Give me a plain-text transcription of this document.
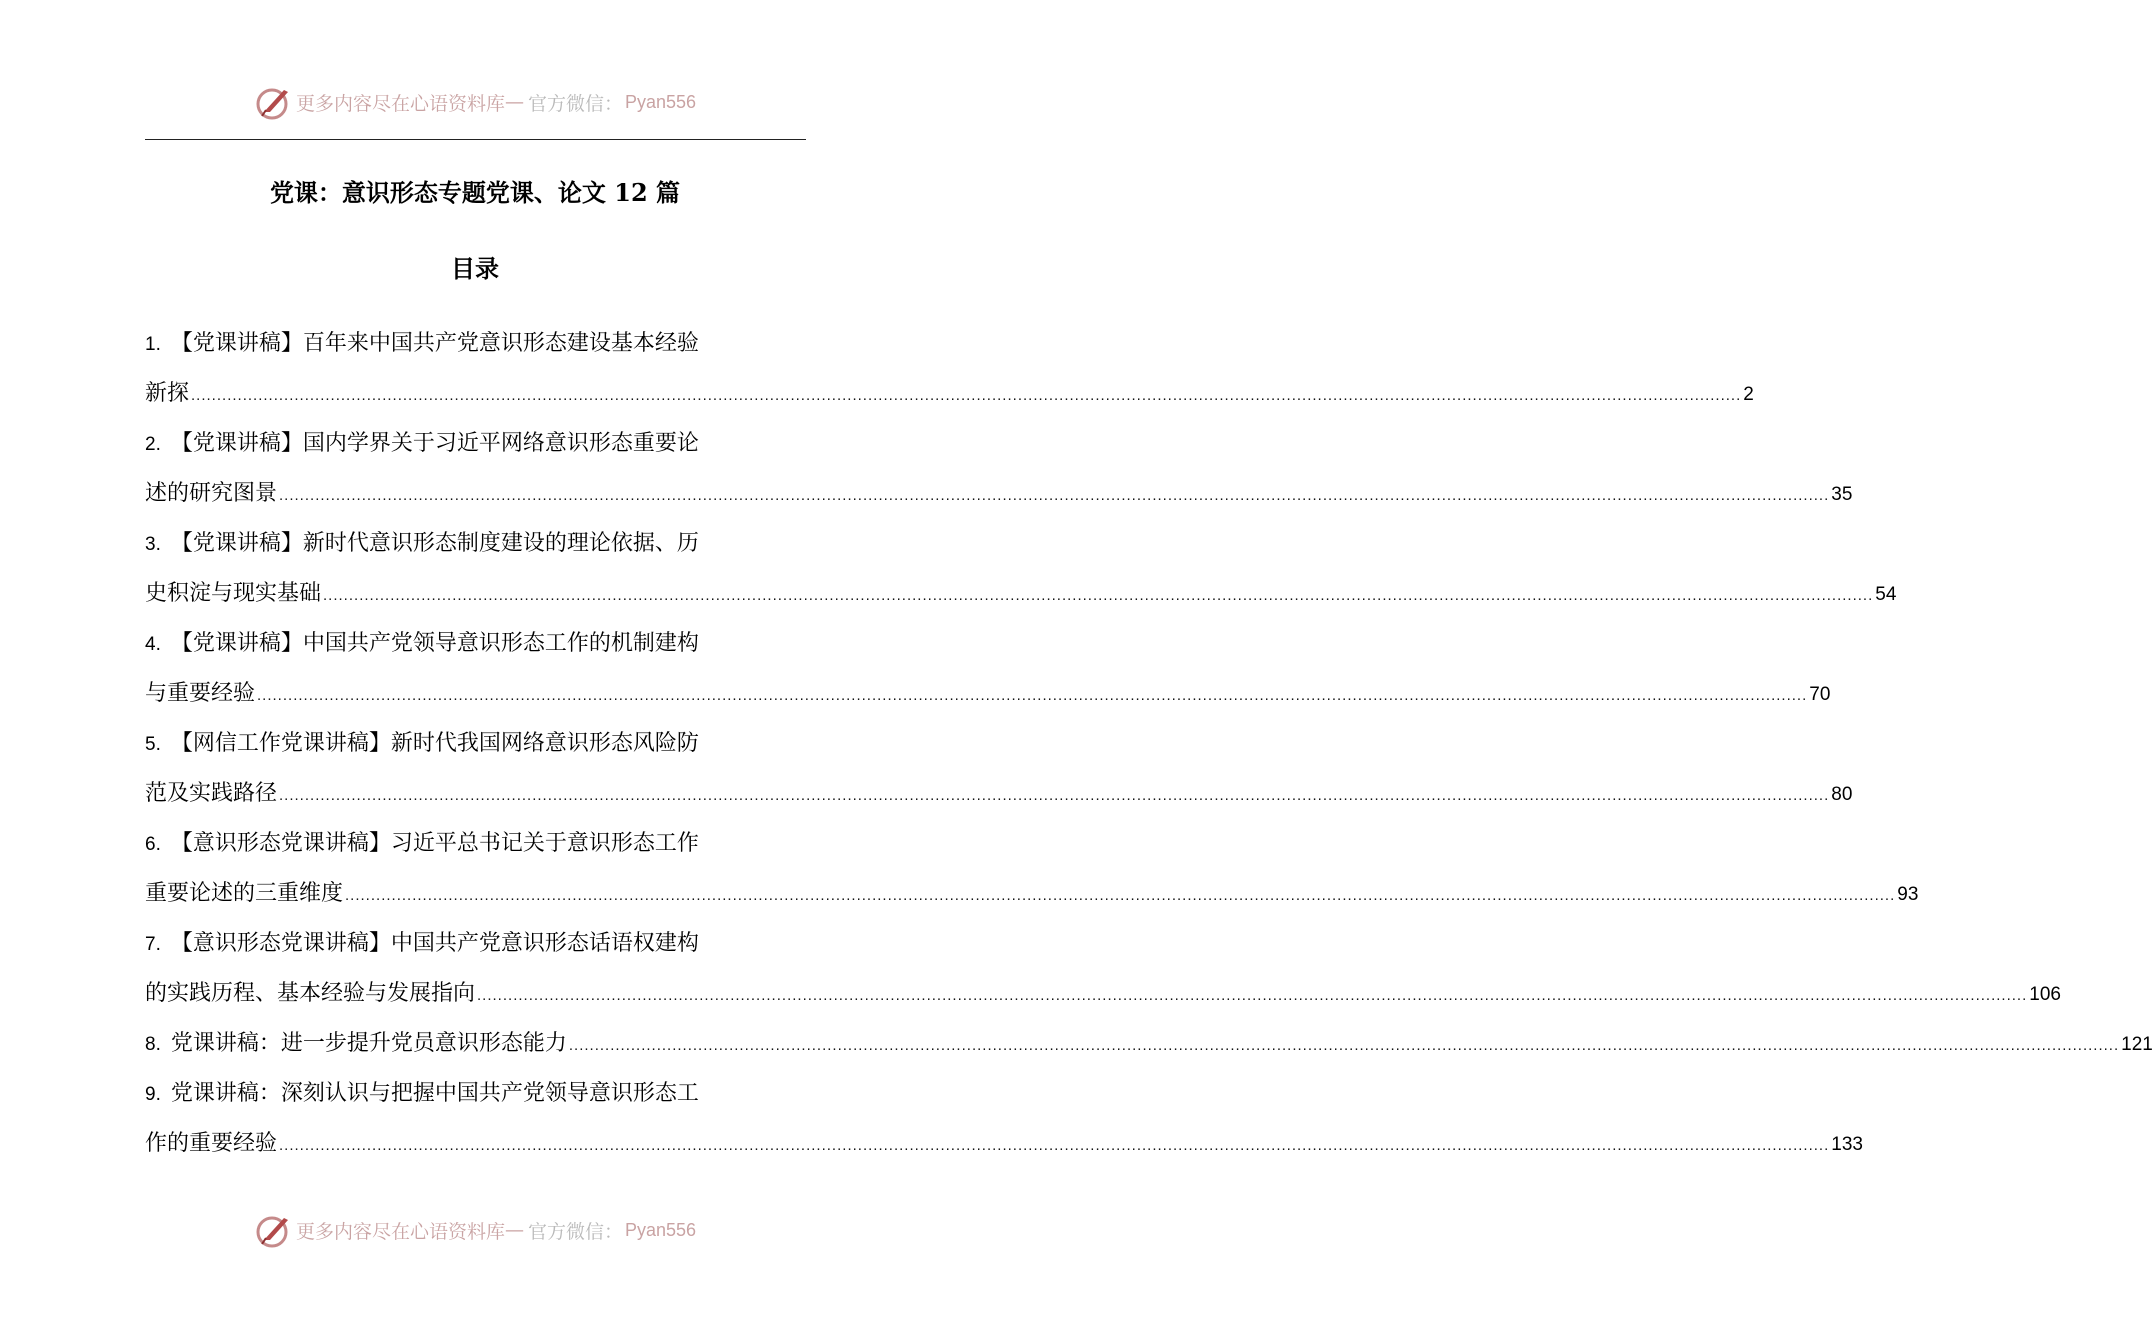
更多内容尽在心语资料库 — 官方微信： Pyan556
党课：意识形态专题党课、论文 12 篇
目录
1. 【党课讲稿】百年来中国共产党意识形态建设基本经验
新探 ............................................................................................................................................................................................................................................................................................................ 2
2. 【党课讲稿】国内学界关于习近平网络意识形态重要论
述的研究图景 ............................................................................................................................................................................................................................................................................................................ 35
3. 【党课讲稿】新时代意识形态制度建设的理论依据、历
史积淀与现实基础 ............................................................................................................................................................................................................................................................................................................ 54
4. 【党课讲稿】中国共产党领导意识形态工作的机制建构
与重要经验 ............................................................................................................................................................................................................................................................................................................ 70
5. 【网信工作党课讲稿】新时代我国网络意识形态风险防
范及实践路径 ............................................................................................................................................................................................................................................................................................................ 80
6. 【意识形态党课讲稿】习近平总书记关于意识形态工作
重要论述的三重维度 ............................................................................................................................................................................................................................................................................................................ 93
7. 【意识形态党课讲稿】中国共产党意识形态话语权建构
的实践历程、基本经验与发展指向 ............................................................................................................................................................................................................................................................................................................ 106
8. 党课讲稿：进一步提升党员意识形态能力 ............................................................................................................................................................................................................................................................................................................ 121
9. 党课讲稿：深刻认识与把握中国共产党领导意识形态工
作的重要经验 ............................................................................................................................................................................................................................................................................................................ 133
更多内容尽在心语资料库 — 官方微信： Pyan556
